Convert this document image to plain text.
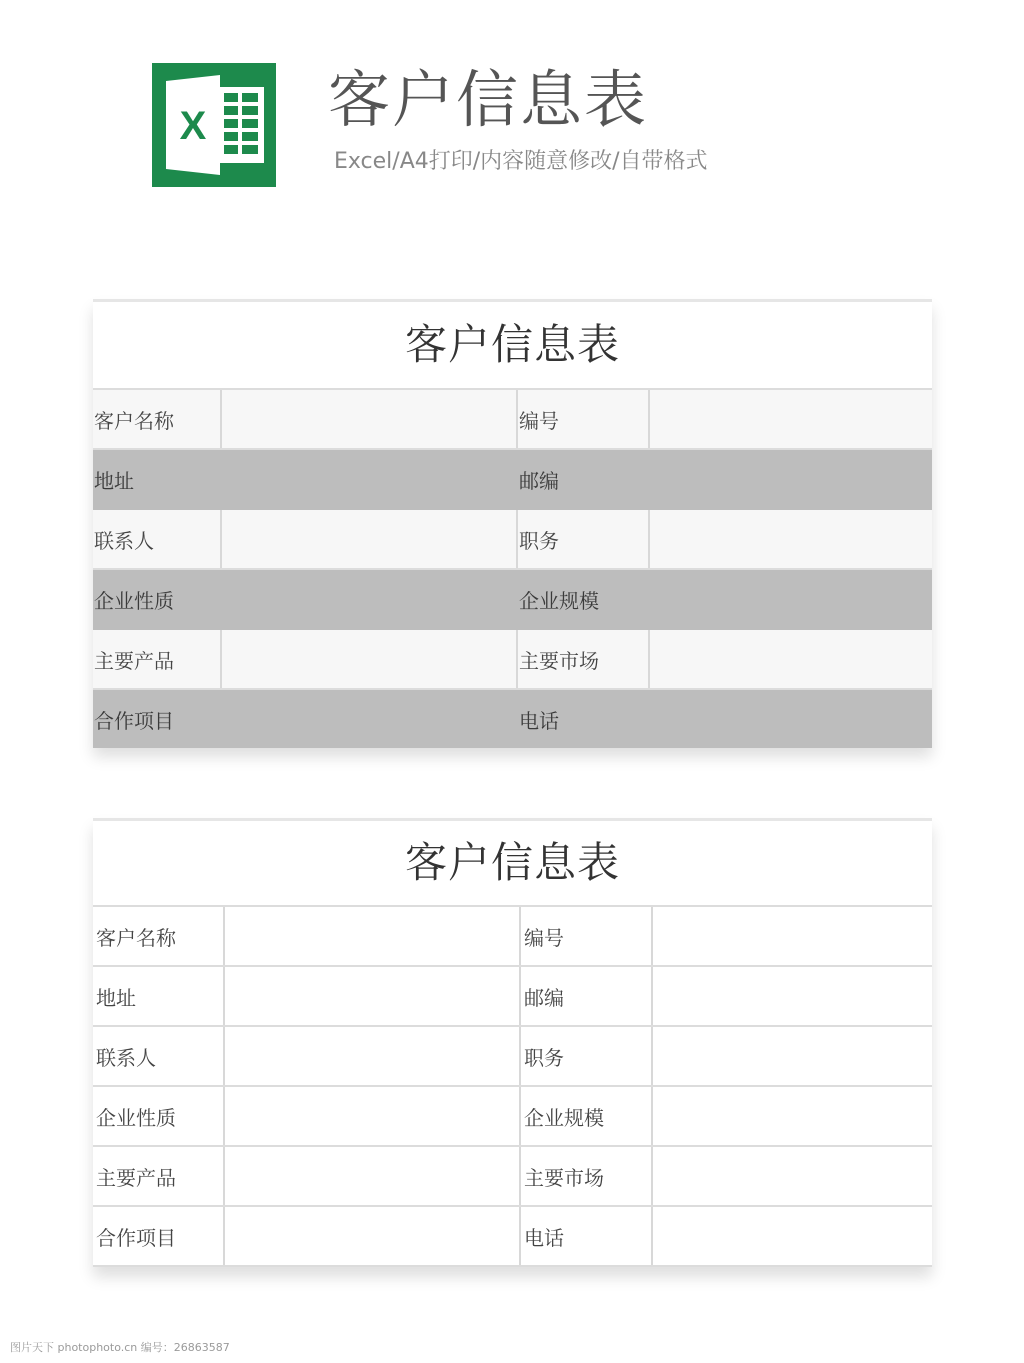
X 客户信息表
Excel/A4打印/内容随意修改/自带格式
客户信息表
客户名称		编号	
地址		邮编	
联系人		职务	
企业性质		企业规模	
主要产品		主要市场	
合作项目		电话	
客户信息表
客户名称		编号	
地址		邮编	
联系人		职务	
企业性质		企业规模	
主要产品		主要市场	
合作项目		电话	
图片天下 photophoto.cn 编号：26863587
